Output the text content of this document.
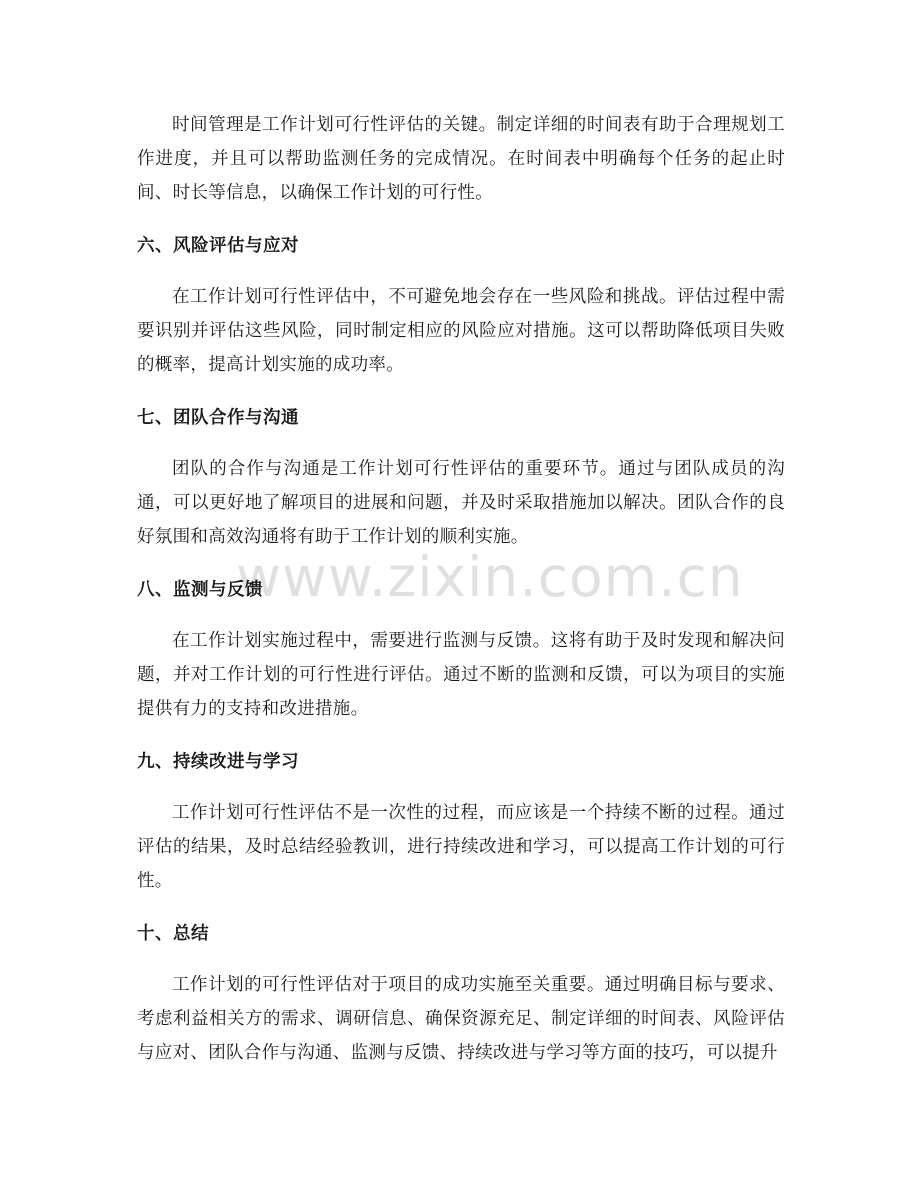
时间管理是工作计划可行性评估的关键。制定详细的时间表有助于合理规划工作进度，并且可以帮助监测任务的完成情况。在时间表中明确每个任务的起止时间、时长等信息，以确保工作计划的可行性。

六、风险评估与应对

在工作计划可行性评估中，不可避免地会存在一些风险和挑战。评估过程中需要识别并评估这些风险，同时制定相应的风险应对措施。这可以帮助降低项目失败的概率，提高计划实施的成功率。

七、团队合作与沟通

团队的合作与沟通是工作计划可行性评估的重要环节。通过与团队成员的沟通，可以更好地了解项目的进展和问题，并及时采取措施加以解决。团队合作的良好氛围和高效沟通将有助于工作计划的顺利实施。

八、监测与反馈

在工作计划实施过程中，需要进行监测与反馈。这将有助于及时发现和解决问题，并对工作计划的可行性进行评估。通过不断的监测和反馈，可以为项目的实施提供有力的支持和改进措施。

九、持续改进与学习

工作计划可行性评估不是一次性的过程，而应该是一个持续不断的过程。通过评估的结果，及时总结经验教训，进行持续改进和学习，可以提高工作计划的可行性。

十、总结

工作计划的可行性评估对于项目的成功实施至关重要。通过明确目标与要求、考虑利益相关方的需求、调研信息、确保资源充足、制定详细的时间表、风险评估与应对、团队合作与沟通、监测与反馈、持续改进与学习等方面的技巧，可以提升

www.zixin.com.cn
